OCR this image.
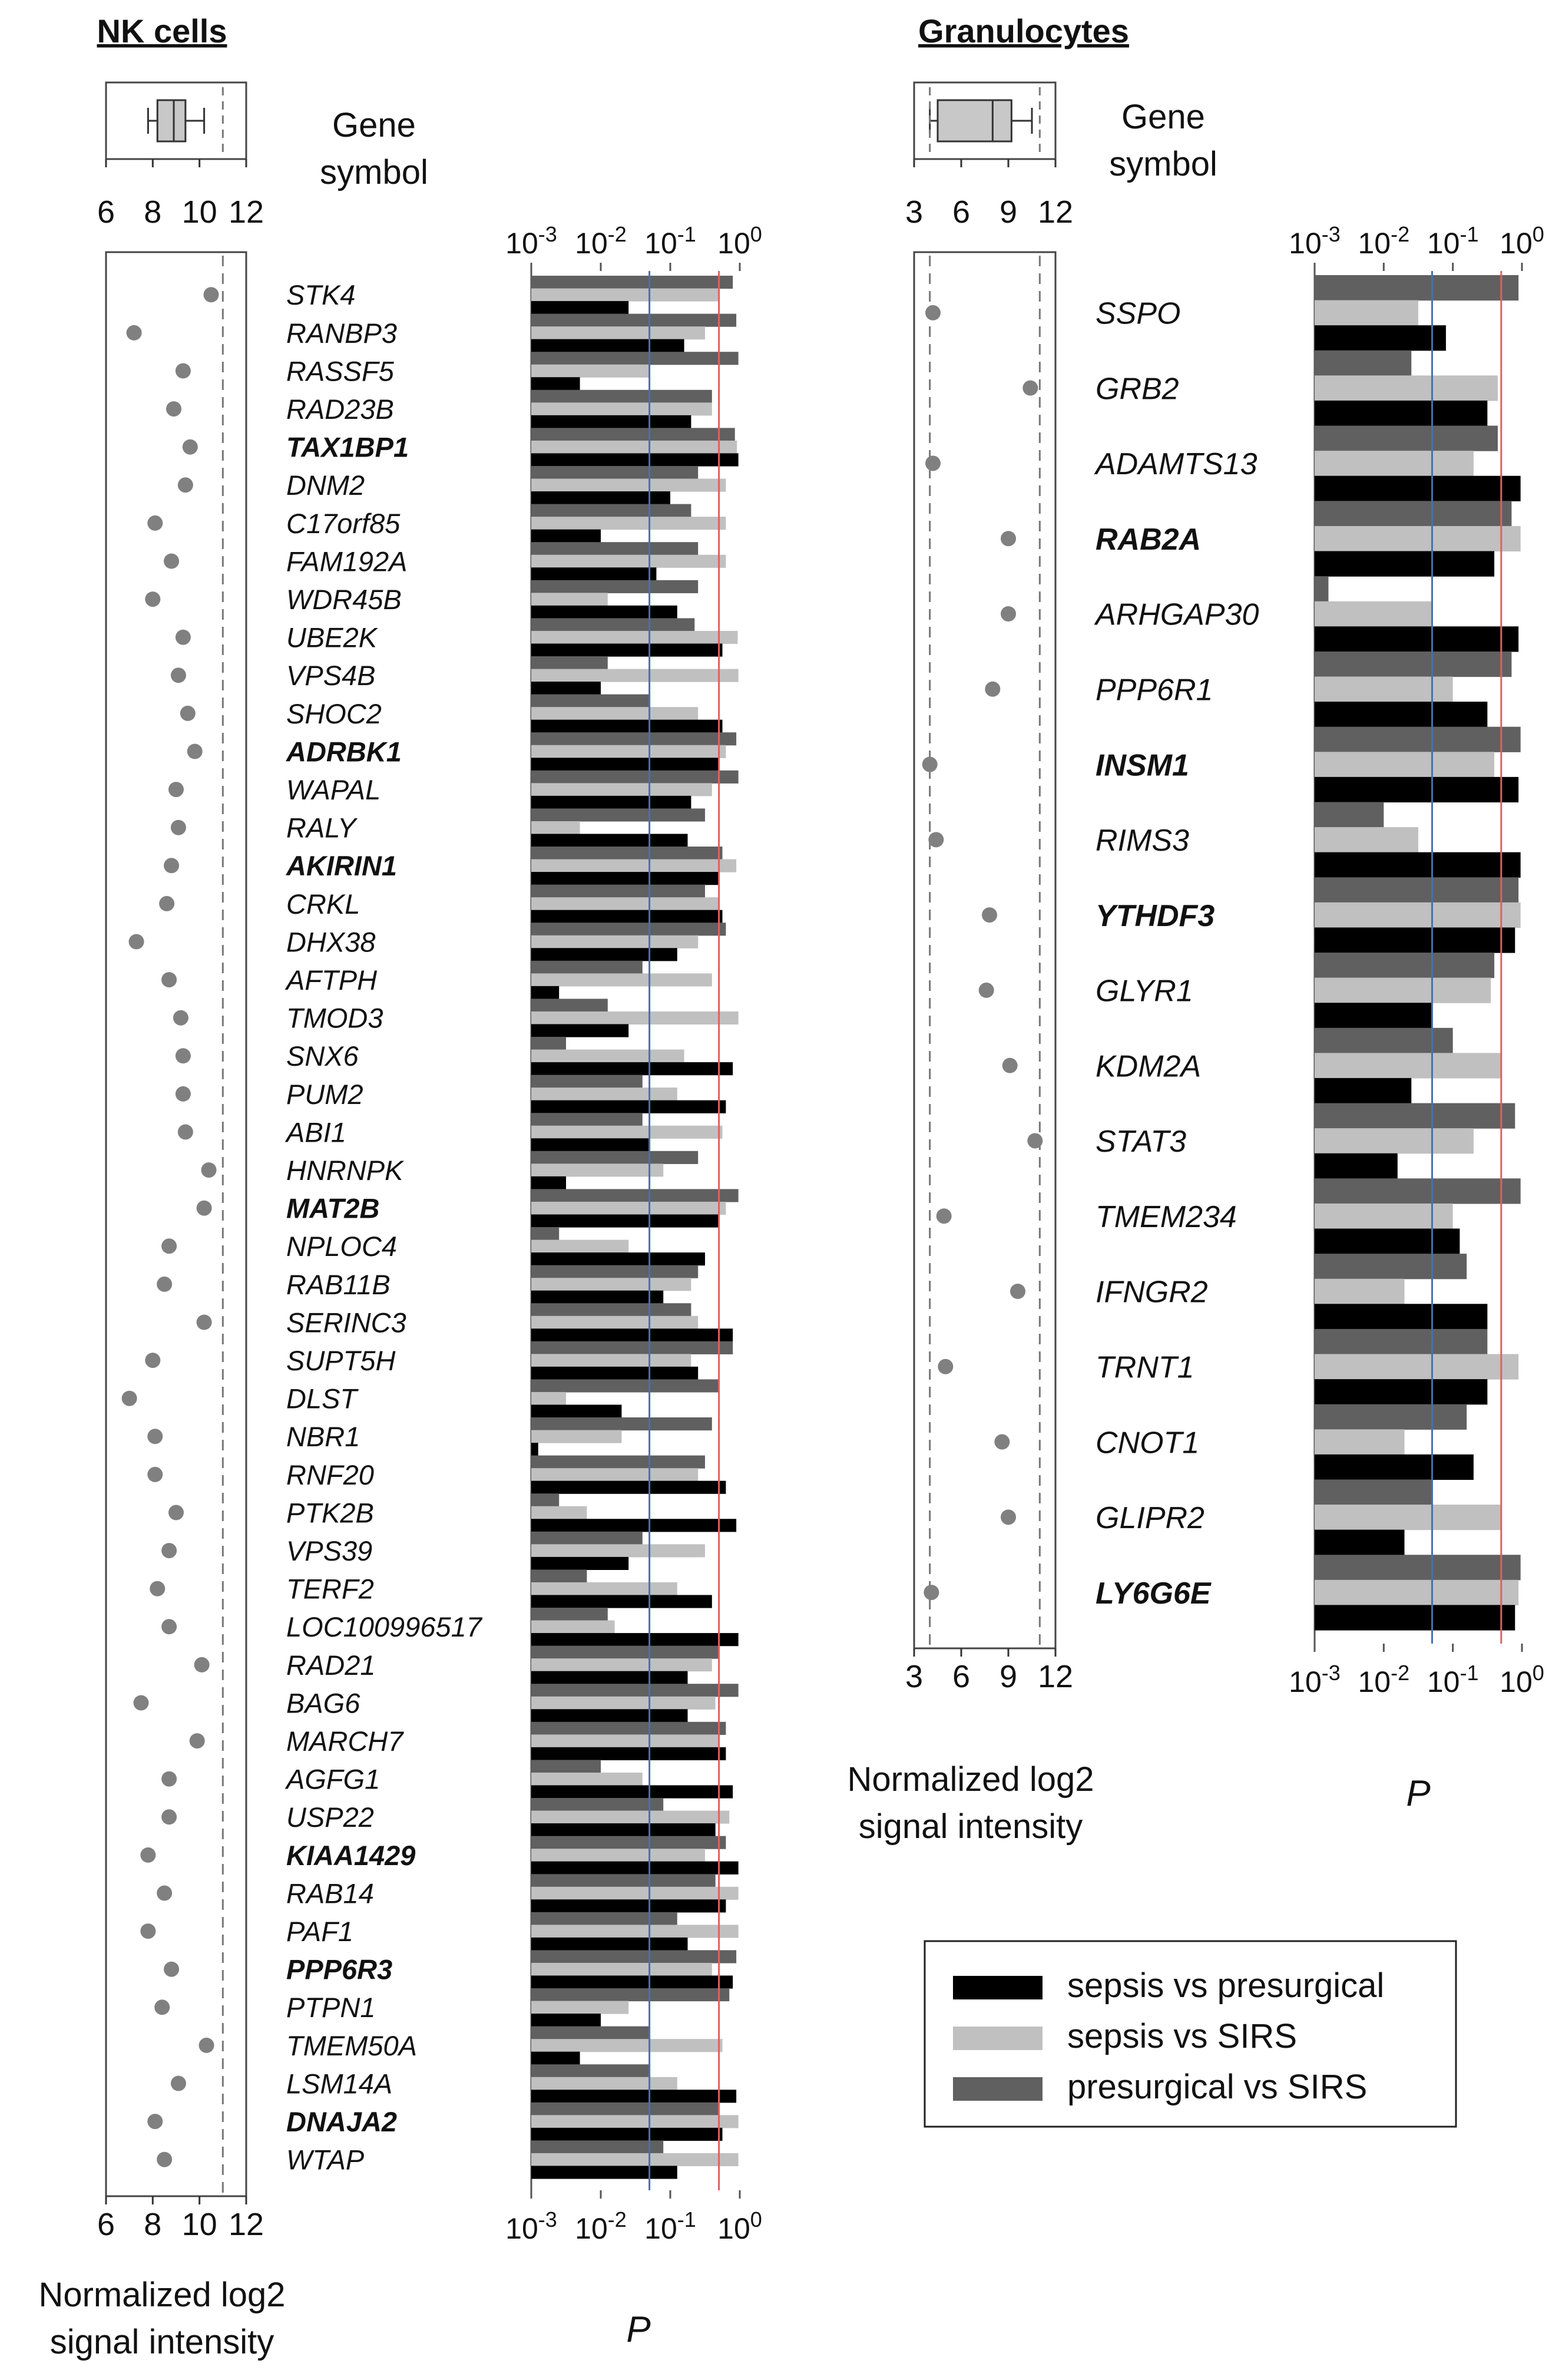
NK cells
Gene
symbol
6 8 10 12
6 8 10 12
Normalized log2
signal intensity
STK4
RANBP3
RASSF5
RAD23B
TAX1BP1
DNM2
C17orf85
FAM192A
WDR45B
UBE2K
VPS4B
SHOC2
ADRBK1
WAPAL
RALY
AKIRIN1
CRKL
DHX38
AFTPH
TMOD3
SNX6
PUM2
ABI1
HNRNPK
MAT2B
NPLOC4
RAB11B
SERINC3
SUPT5H
DLST
NBR1
RNF20
PTK2B
VPS39
TERF2
LOC100996517
RAD21
BAG6
MARCH7
AGFG1
USP22
KIAA1429
RAB14
PAF1
PPP6R3
PTPN1
TMEM50A
LSM14A
DNAJA2
WTAP
$10^{-3}$ $10^{-2}$ $10^{-1}$ $10^0$
$10^{-3}$ $10^{-2}$ $10^{-1}$ $10^0$
P
Granulocytes
Gene
symbol
3 6 9 12
3 6 9 12
Normalized log2
signal intensity
SSPO
GRB2
ADAMTS13
RAB2A
ARHGAP30
PPP6R1
INSM1
RIMS3
YTHDF3
GLYR1
KDM2A
STAT3
TMEM234
IFNGR2
TRNT1
CNOT1
GLIPR2
LY6G6E
$10^{-3}$ $10^{-2}$ $10^{-1}$ $10^0$
$10^{-3}$ $10^{-2}$ $10^{-1}$ $10^0$
P
sepsis vs presurgical
sepsis vs SIRS
presurgical vs SIRS
